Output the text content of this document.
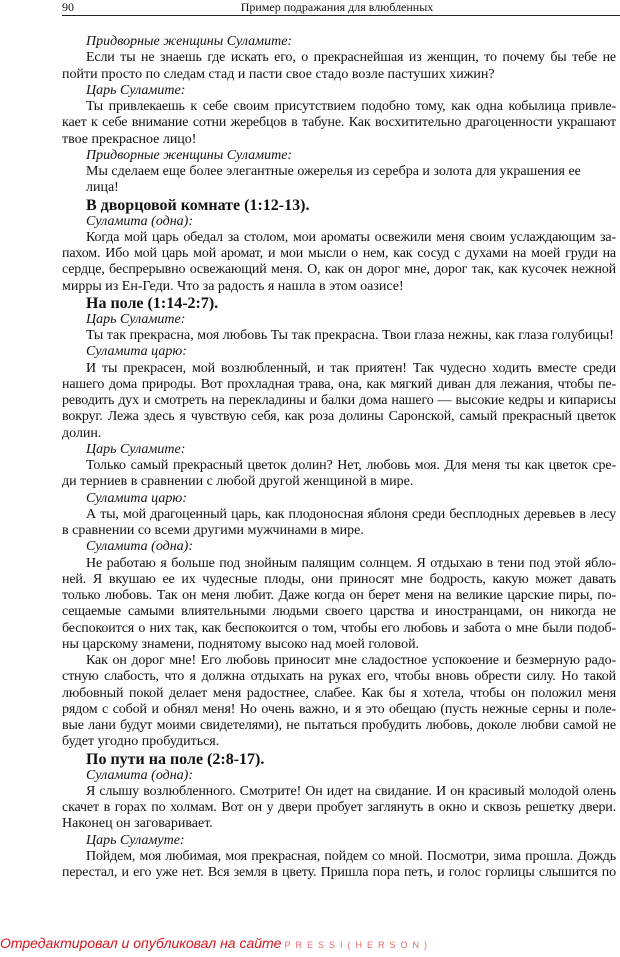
90	Пример подражания для влюбленных
Придворные женщины Суламите:
Если ты не знаешь где искать его, о прекраснейшая из женщин, то почему бы тебе не
пойти просто по следам стад и пасти свое стадо возле пастуших хижин?
Царь Суламите:
Ты привлекаешь к себе своим присутствием подобно тому, как одна кобылица привле-
кает к себе внимание сотни жеребцов в табуне. Как восхитительно драгоценности украшают
твое прекрасное лицо!
Придворные женщины Суламите:
Мы сделаем еще более элегантные ожерелья из серебра и золота для украшения ее лица!
В дворцовой комнате (1:12-13).
Суламита (одна):
Когда мой царь обедал за столом, мои ароматы освежили меня своим услаждающим за-
пахом. Ибо мой царь мой аромат, и мои мысли о нем, как сосуд с духами на моей груди на
сердце, беспрерывно освежающий меня. О, как он дорог мне, дорог так, как кусочек нежной
мирры из Ен-Геди. Что за радость я нашла в этом оазисе!
На поле (1:14-2:7).
Царь Суламите:
Ты так прекрасна, моя любовь Ты так прекрасна. Твои глаза нежны, как глаза голубицы!
Суламита царю:
И ты прекрасен, мой возлюбленный, и так приятен! Так чудесно ходить вместе среди
нашего дома природы. Вот прохладная трава, она, как мягкий диван для лежания, чтобы пе-
реводить дух и смотреть на перекладины и балки дома нашего — высокие кедры и кипарисы
вокруг. Лежа здесь я чувствую себя, как роза долины Саронской, самый прекрасный цветок
долин.
Царь Суламите:
Только самый прекрасный цветок долин? Нет, любовь моя. Для меня ты как цветок сре-
ди терниев в сравнении с любой другой женщиной в мире.
Суламита царю:
А ты, мой драгоценный царь, как плодоносная яблоня среди бесплодных деревьев в лесу
в сравнении со всеми другими мужчинами в мире.
Суламита (одна):
Не работаю я больше под знойным палящим солнцем. Я отдыхаю в тени под этой ябло-
ней. Я вкушаю ее их чудесные плоды, они приносят мне бодрость, какую может давать
только любовь. Так он меня любит. Даже когда он берет меня на великие царские пиры, по-
сещаемые самыми влиятельными людьми своего царства и иностранцами, он никогда не
беспокоится о них так, как беспокоится о том, чтобы его любовь и забота о мне были подоб-
ны царскому знамени, поднятому высоко над моей головой.
Как он дорог мне! Его любовь приносит мне сладостное успокоение и безмерную радо-
стную слабость, что я должна отдыхать на руках его, чтобы вновь обрести силу. Но такой
любовный покой делает меня радостнее, слабее. Как бы я хотела, чтобы он положил меня
рядом с собой и обнял меня! Но очень важно, и я это обещаю (пусть нежные серны и поле-
вые лани будут моими свидетелями), не пытаться пробудить любовь, доколе любви самой не
будет угодно пробудиться.
По пути на поле (2:8-17).
Суламита (одна):
Я слышу возлюбленного. Смотрите! Он идет на свидание. И он красивый молодой олень
скачет в горах по холмам. Вот он у двери пробует заглянуть в окно и сквозь решетку двери.
Наконец он заговаривает.
Царь Суламуте:
Пойдем, моя любимая, моя прекрасная, пойдем со мной. Посмотри, зима прошла. Дождь
перестал, и его уже нет. Вся земля в цвету. Пришла пора петь, и голос горлицы слышится по
Отредактировал и опубликовал на сайте PRESSI(HERSON)
